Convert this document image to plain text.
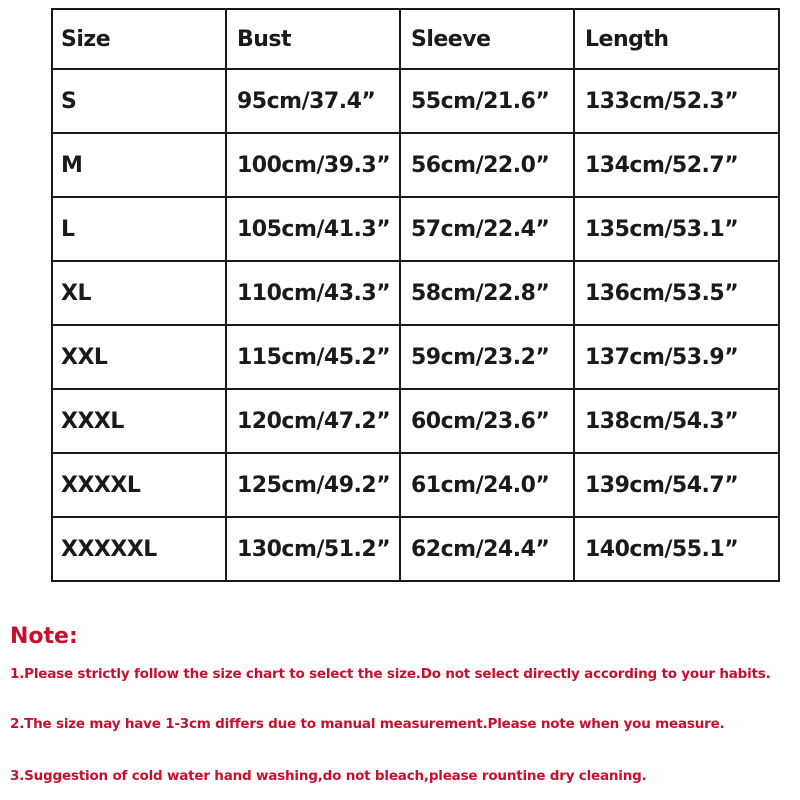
Size	Bust	Sleeve	Length
S	95cm/37.4”	55cm/21.6”	133cm/52.3”
M	100cm/39.3”	56cm/22.0”	134cm/52.7”
L	105cm/41.3”	57cm/22.4”	135cm/53.1”
XL	110cm/43.3”	58cm/22.8”	136cm/53.5”
XXL	115cm/45.2”	59cm/23.2”	137cm/53.9”
XXXL	120cm/47.2”	60cm/23.6”	138cm/54.3”
XXXXL	125cm/49.2”	61cm/24.0”	139cm/54.7”
XXXXXL	130cm/51.2”	62cm/24.4”	140cm/55.1”
Note:
1.Please strictly follow the size chart to select the size.Do not select directly according to your habits.
2.The size may have 1-3cm differs due to manual measurement.Please note when you measure.
3.Suggestion of cold water hand washing,do not bleach,please rountine dry cleaning.
